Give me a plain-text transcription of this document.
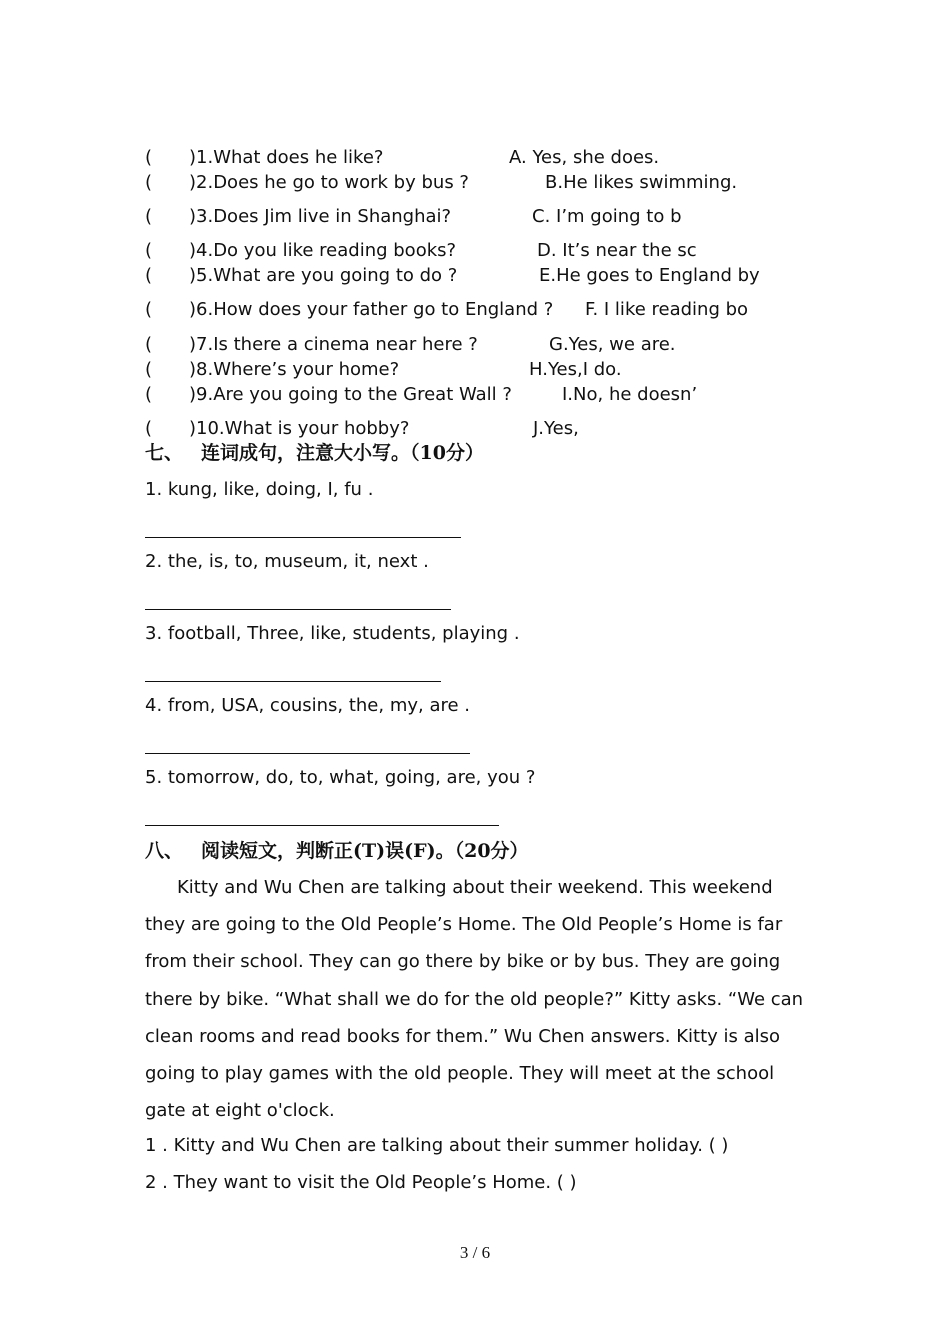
( )1.What does he like?	A. Yes, she does.
( )2.Does he go to work by bus ?	B.He likes swimming.
( )3.Does Jim live in Shanghai?	C. I’m going to b
( )4.Do you like reading books?	D. It’s near the sc
( )5.What are you going to do ?	E.He goes to England by
( )6.How does your father go to England ? F. I like reading bo
( )7.Is there a cinema near here ?	G.Yes, we are.
( )8.Where’s your home?	H.Yes,I do.
( )9.Are you going to the Great Wall ?	I.No, he doesn’
( )10.What is your hobby?	J.Yes,
七、 连词成句，注意大小写。（10分）
1. kung, like, doing, I, fu .
2. the, is, to, museum, it, next .
3. football, Three, like, students, playing .
4. from, USA, cousins, the, my, are .
5. tomorrow, do, to, what, going, are, you ?
八、 阅读短文，判断正(T)误(F)。（20分）
Kitty and Wu Chen are talking about their weekend. This weekend they are going to the Old People’s Home. The Old People’s Home is far from their school. They can go there by bike or by bus. They are going there by bike. “What shall we do for the old people?” Kitty asks. “We can clean rooms and read books for them.” Wu Chen answers. Kitty is also going to play games with the old people. They will meet at the school gate at eight o'clock.
1 . Kitty and Wu Chen are talking about their summer holiday. ( )
2 . They want to visit the Old People’s Home. ( )
3 / 6
